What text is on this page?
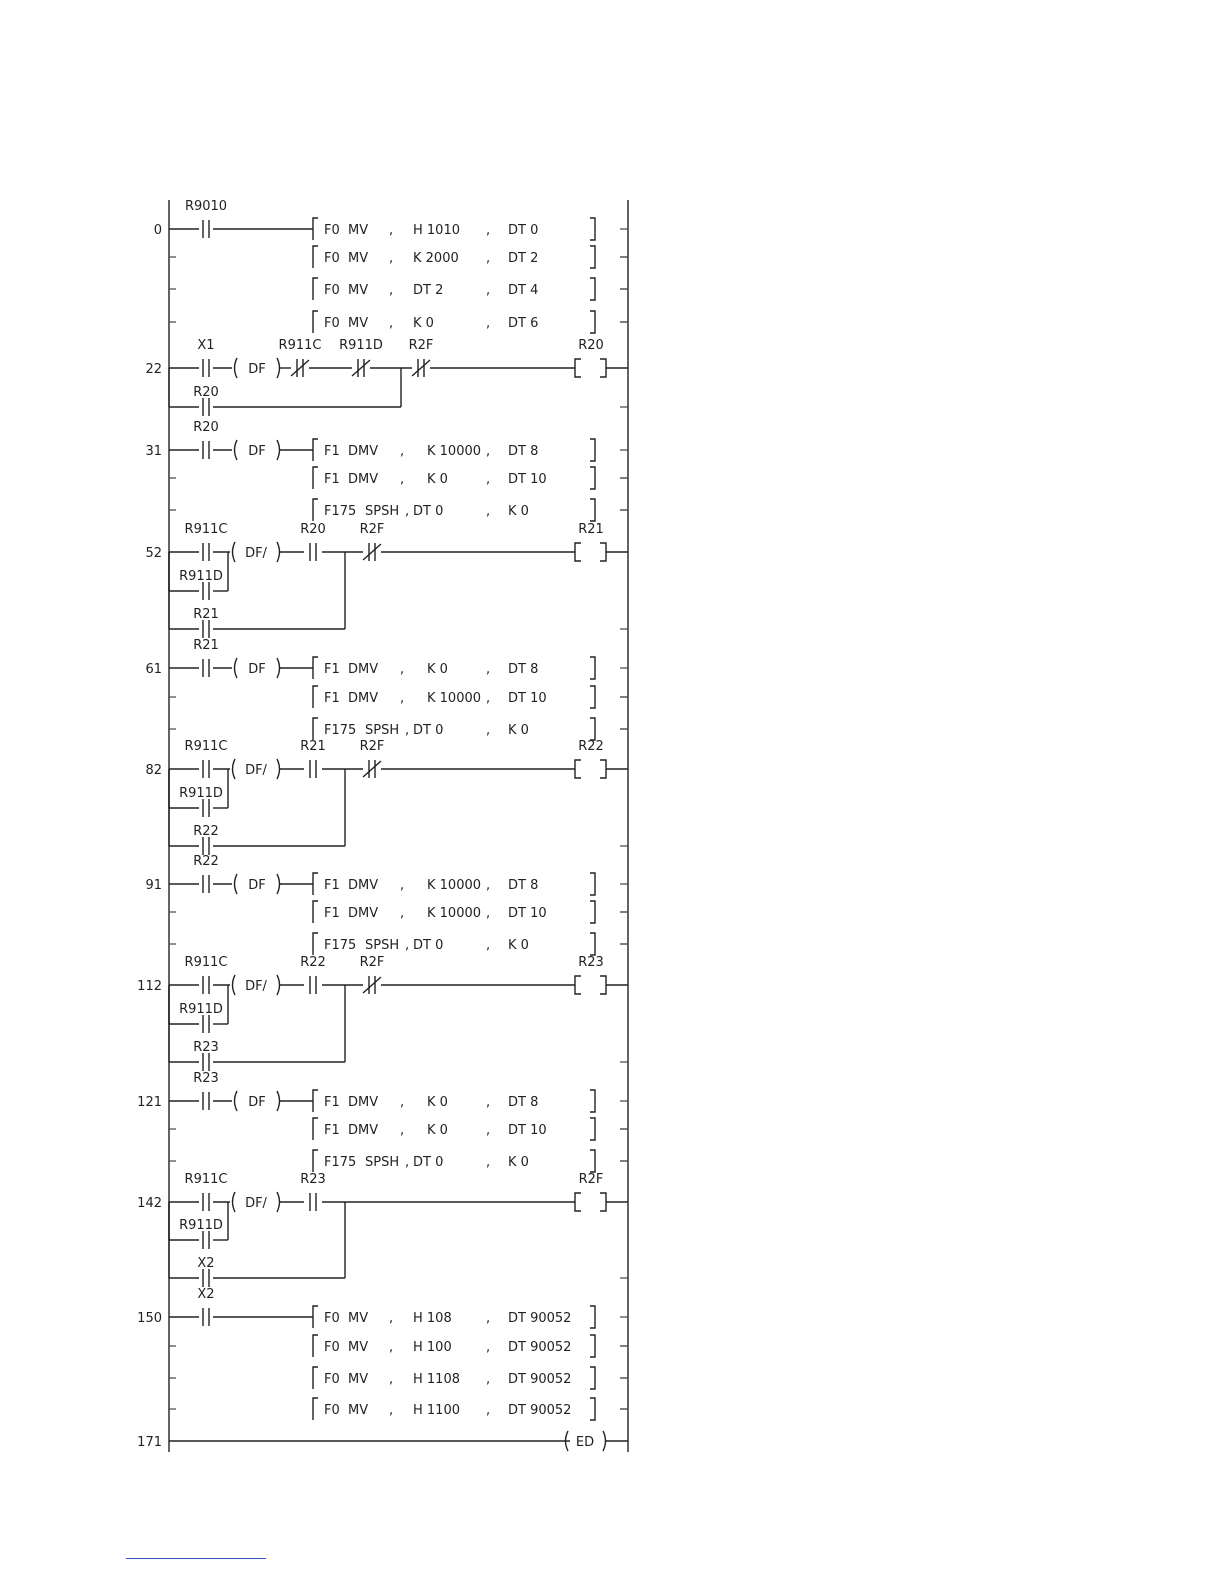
0
R9010
F0 MV , H 1010 , DT 0
F0 MV , K 2000 , DT 2
F0 MV , DT 2	, DT 4
F0 MV , K 0	, DT 6
22
X1
DF
R911C R911D R2F	R20
R20
31
R20
DF	F1 DMV , K 10000 , DT 8
F1 DMV , K 0	, DT 10
F175 SPSH , DT 0	, K 0
52
R911C
R911D
DF/
R20	R2F	R21
R21
61
R21
DF	F1 DMV , K 0	, DT 8
F1 DMV , K 10000 , DT 10
F175 SPSH , DT 0	, K 0
82
R911C
R911D
DF/
R21	R2F	R22
R22
91
R22
DF	F1 DMV , K 10000 , DT 8
F1 DMV , K 10000 , DT 10
F175 SPSH , DT 0	, K 0
112
R911C
R911D
DF/
R22	R2F	R23
R23
121
R23
DF	F1 DMV , K 0	, DT 8
F1 DMV , K 0	, DT 10
F175 SPSH , DT 0	, K 0
142
R911C
R911D
DF/
R23	R2F
X2
150
X2
F0 MV , H 108	, DT 90052
F0 MV , H 100	, DT 90052
F0 MV , H 1108 , DT 90052
F0 MV , H 1100 , DT 90052
171	ED
